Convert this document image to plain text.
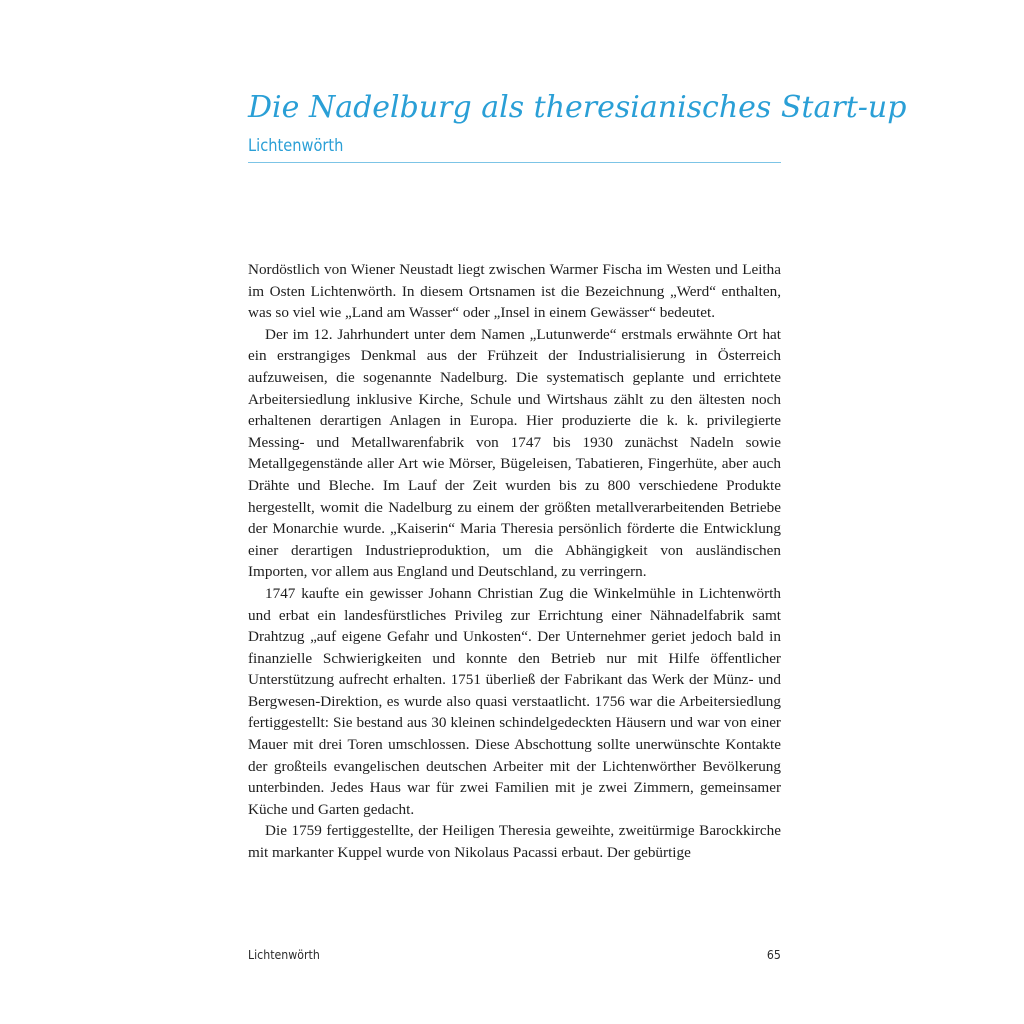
Die Nadelburg als theresianisches Start-up
Lichtenwörth

Nordöstlich von Wiener Neustadt liegt zwischen Warmer Fischa im Westen und Leitha im Osten Lichtenwörth. In diesem Ortsnamen ist die Bezeichnung „Werd“ enthalten, was so viel wie „Land am Wasser“ oder „Insel in einem Gewässer“ bedeutet.

Der im 12. Jahrhundert unter dem Namen „Lutunwerde“ erstmals erwähnte Ort hat ein erstrangiges Denkmal aus der Frühzeit der Industrialisierung in Österreich aufzuweisen, die sogenannte Nadelburg. Die systematisch geplante und errichtete Arbeitersiedlung inklusive Kirche, Schule und Wirtshaus zählt zu den ältesten noch erhaltenen derartigen Anlagen in Europa. Hier produzierte die k. k. privilegierte Messing- und Metallwarenfabrik von 1747 bis 1930 zunächst Nadeln sowie Metallgegenstände aller Art wie Mörser, Bügeleisen, Tabatieren, Fingerhüte, aber auch Drähte und Bleche. Im Lauf der Zeit wurden bis zu 800 verschiedene Produkte hergestellt, womit die Nadelburg zu einem der größten metallverarbeitenden Betriebe der Monarchie wurde. „Kaiserin“ Maria Theresia persönlich förderte die Entwicklung einer derartigen Industrieproduktion, um die Abhängigkeit von ausländischen Importen, vor allem aus England und Deutschland, zu verringern.

1747 kaufte ein gewisser Johann Christian Zug die Winkelmühle in Lichtenwörth und erbat ein landesfürstliches Privileg zur Errichtung einer Nähnadelfabrik samt Drahtzug „auf eigene Gefahr und Unkosten“. Der Unternehmer geriet jedoch bald in finanzielle Schwierigkeiten und konnte den Betrieb nur mit Hilfe öffentlicher Unterstützung aufrecht erhalten. 1751 überließ der Fabrikant das Werk der Münz- und Bergwesen-Direktion, es wurde also quasi verstaatlicht. 1756 war die Arbeitersiedlung fertiggestellt: Sie bestand aus 30 kleinen schindelgedeckten Häusern und war von einer Mauer mit drei Toren umschlossen. Diese Abschottung sollte unerwünschte Kontakte der großteils evangelischen deutschen Arbeiter mit der Lichtenwörther Bevölkerung unterbinden. Jedes Haus war für zwei Familien mit je zwei Zimmern, gemeinsamer Küche und Garten gedacht.

Die 1759 fertiggestellte, der Heiligen Theresia geweihte, zweitürmige Barockkirche mit markanter Kuppel wurde von Nikolaus Pacassi erbaut. Der gebürtige

Lichtenwörth	65
